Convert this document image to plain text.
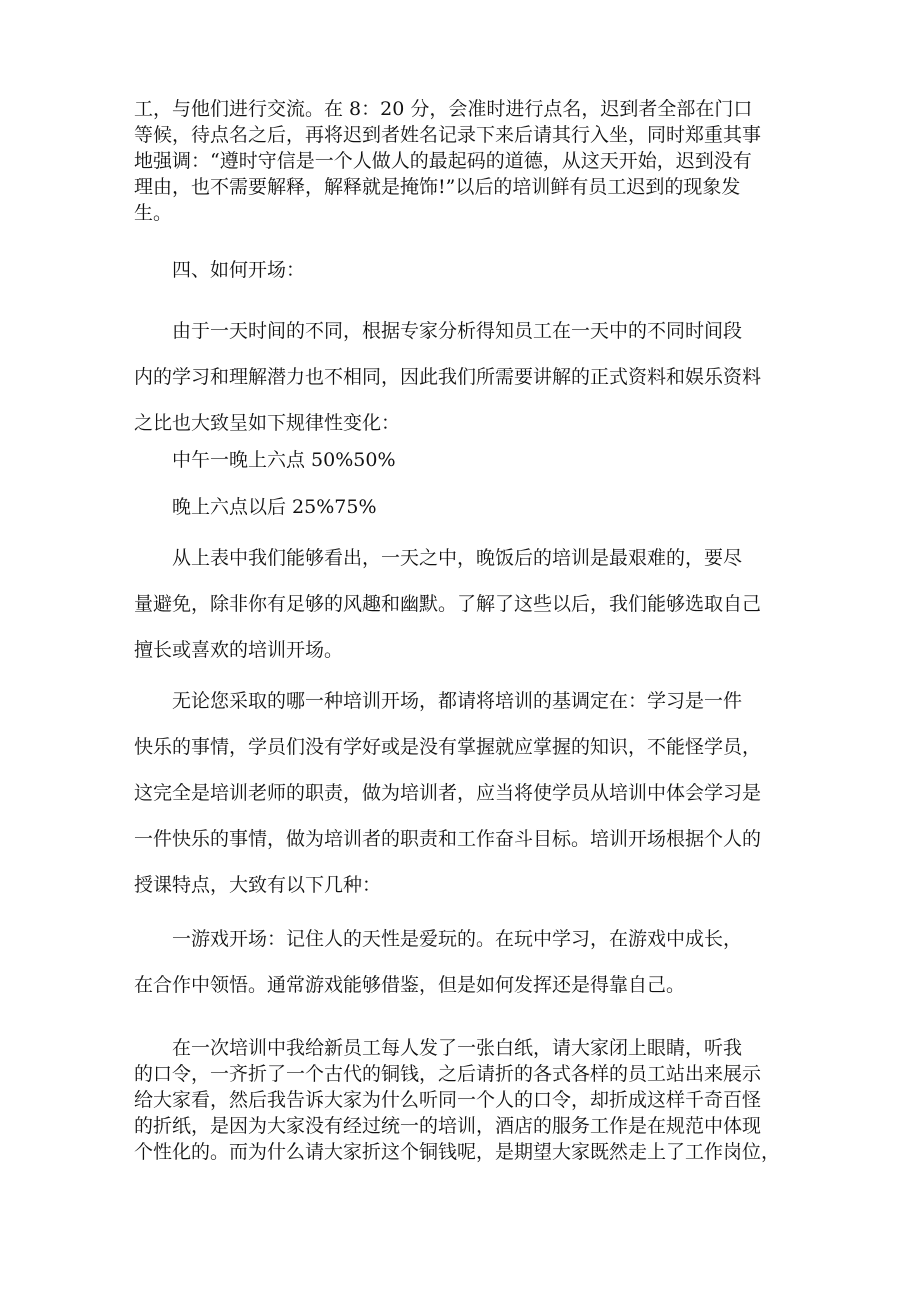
工，与他们进行交流。在 8：20 分，会准时进行点名，迟到者全部在门口
等候，待点名之后，再将迟到者姓名记录下来后请其行入坐，同时郑重其事
地强调：“遵时守信是一个人做人的最起码的道德，从这天开始，迟到没有
理由，也不需要解释，解释就是掩饰!”以后的培训鲜有员工迟到的现象发
生。
四、如何开场：
由于一天时间的不同，根据专家分析得知员工在一天中的不同时间段
内的学习和理解潜力也不相同，因此我们所需要讲解的正式资料和娱乐资料
之比也大致呈如下规律性变化：
中午一晚上六点 50%50%
晚上六点以后 25%75%
从上表中我们能够看出，一天之中，晚饭后的培训是最艰难的，要尽
量避免，除非你有足够的风趣和幽默。了解了这些以后，我们能够选取自己
擅长或喜欢的培训开场。
无论您采取的哪一种培训开场，都请将培训的基调定在：学习是一件
快乐的事情，学员们没有学好或是没有掌握就应掌握的知识，不能怪学员，
这完全是培训老师的职责，做为培训者，应当将使学员从培训中体会学习是
一件快乐的事情，做为培训者的职责和工作奋斗目标。培训开场根据个人的
授课特点，大致有以下几种：
一游戏开场：记住人的天性是爱玩的。在玩中学习，在游戏中成长，
在合作中领悟。通常游戏能够借鉴，但是如何发挥还是得靠自己。
在一次培训中我给新员工每人发了一张白纸，请大家闭上眼睛，听我
的口令，一齐折了一个古代的铜钱，之后请折的各式各样的员工站出来展示
给大家看，然后我告诉大家为什么听同一个人的口令，却折成这样千奇百怪
的折纸，是因为大家没有经过统一的培训，酒店的服务工作是在规范中体现
个性化的。而为什么请大家折这个铜钱呢，是期望大家既然走上了工作岗位，
